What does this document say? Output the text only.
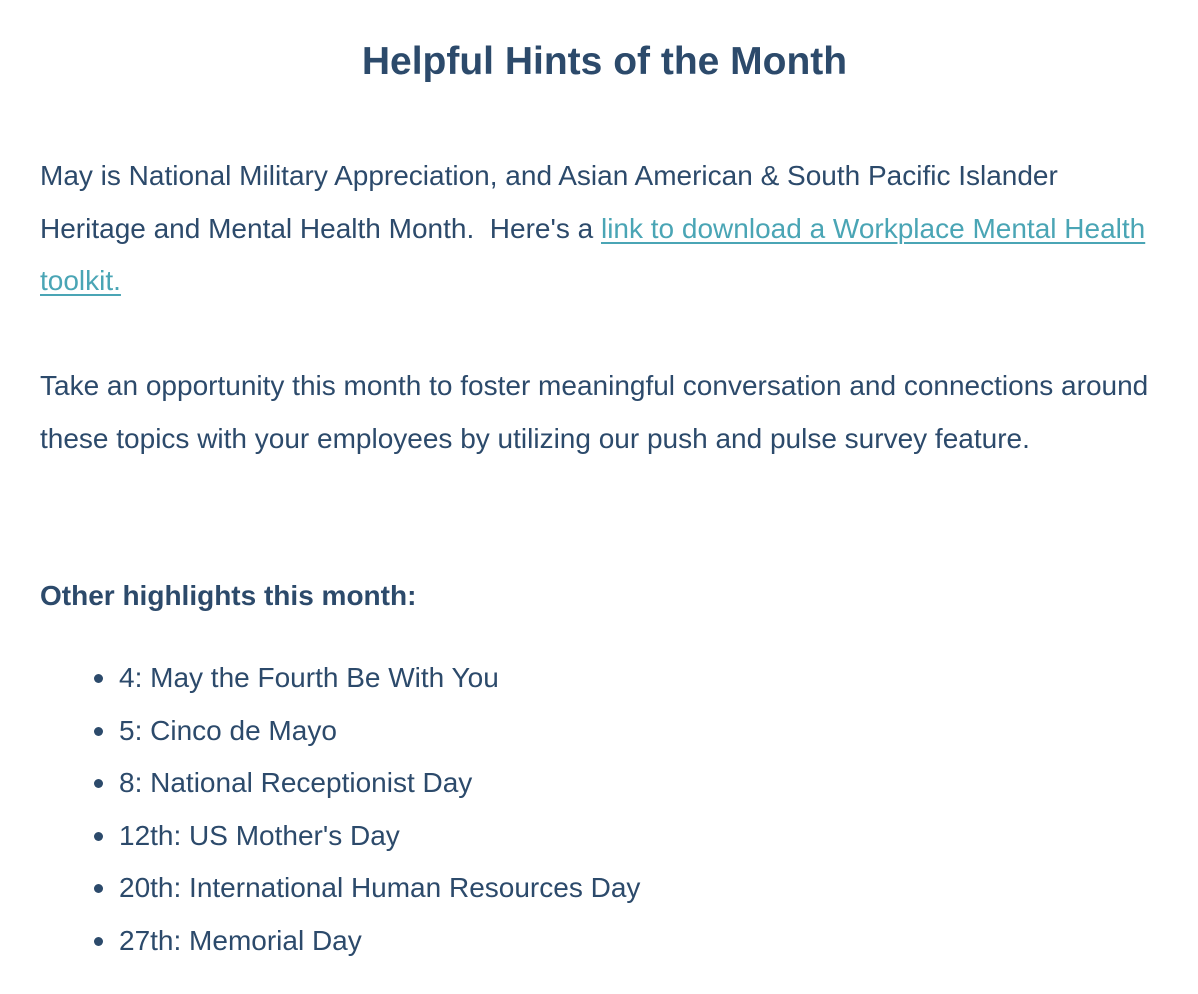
Helpful Hints of the Month

May is National Military Appreciation, and Asian American & South Pacific Islander Heritage and Mental Health Month.  Here's a link to download a Workplace Mental Health toolkit.

Take an opportunity this month to foster meaningful conversation and connections around these topics with your employees by utilizing our push and pulse survey feature.

Other highlights this month:
4: May the Fourth Be With You
5: Cinco de Mayo
8: National Receptionist Day
12th: US Mother's Day
20th: International Human Resources Day
27th: Memorial Day
